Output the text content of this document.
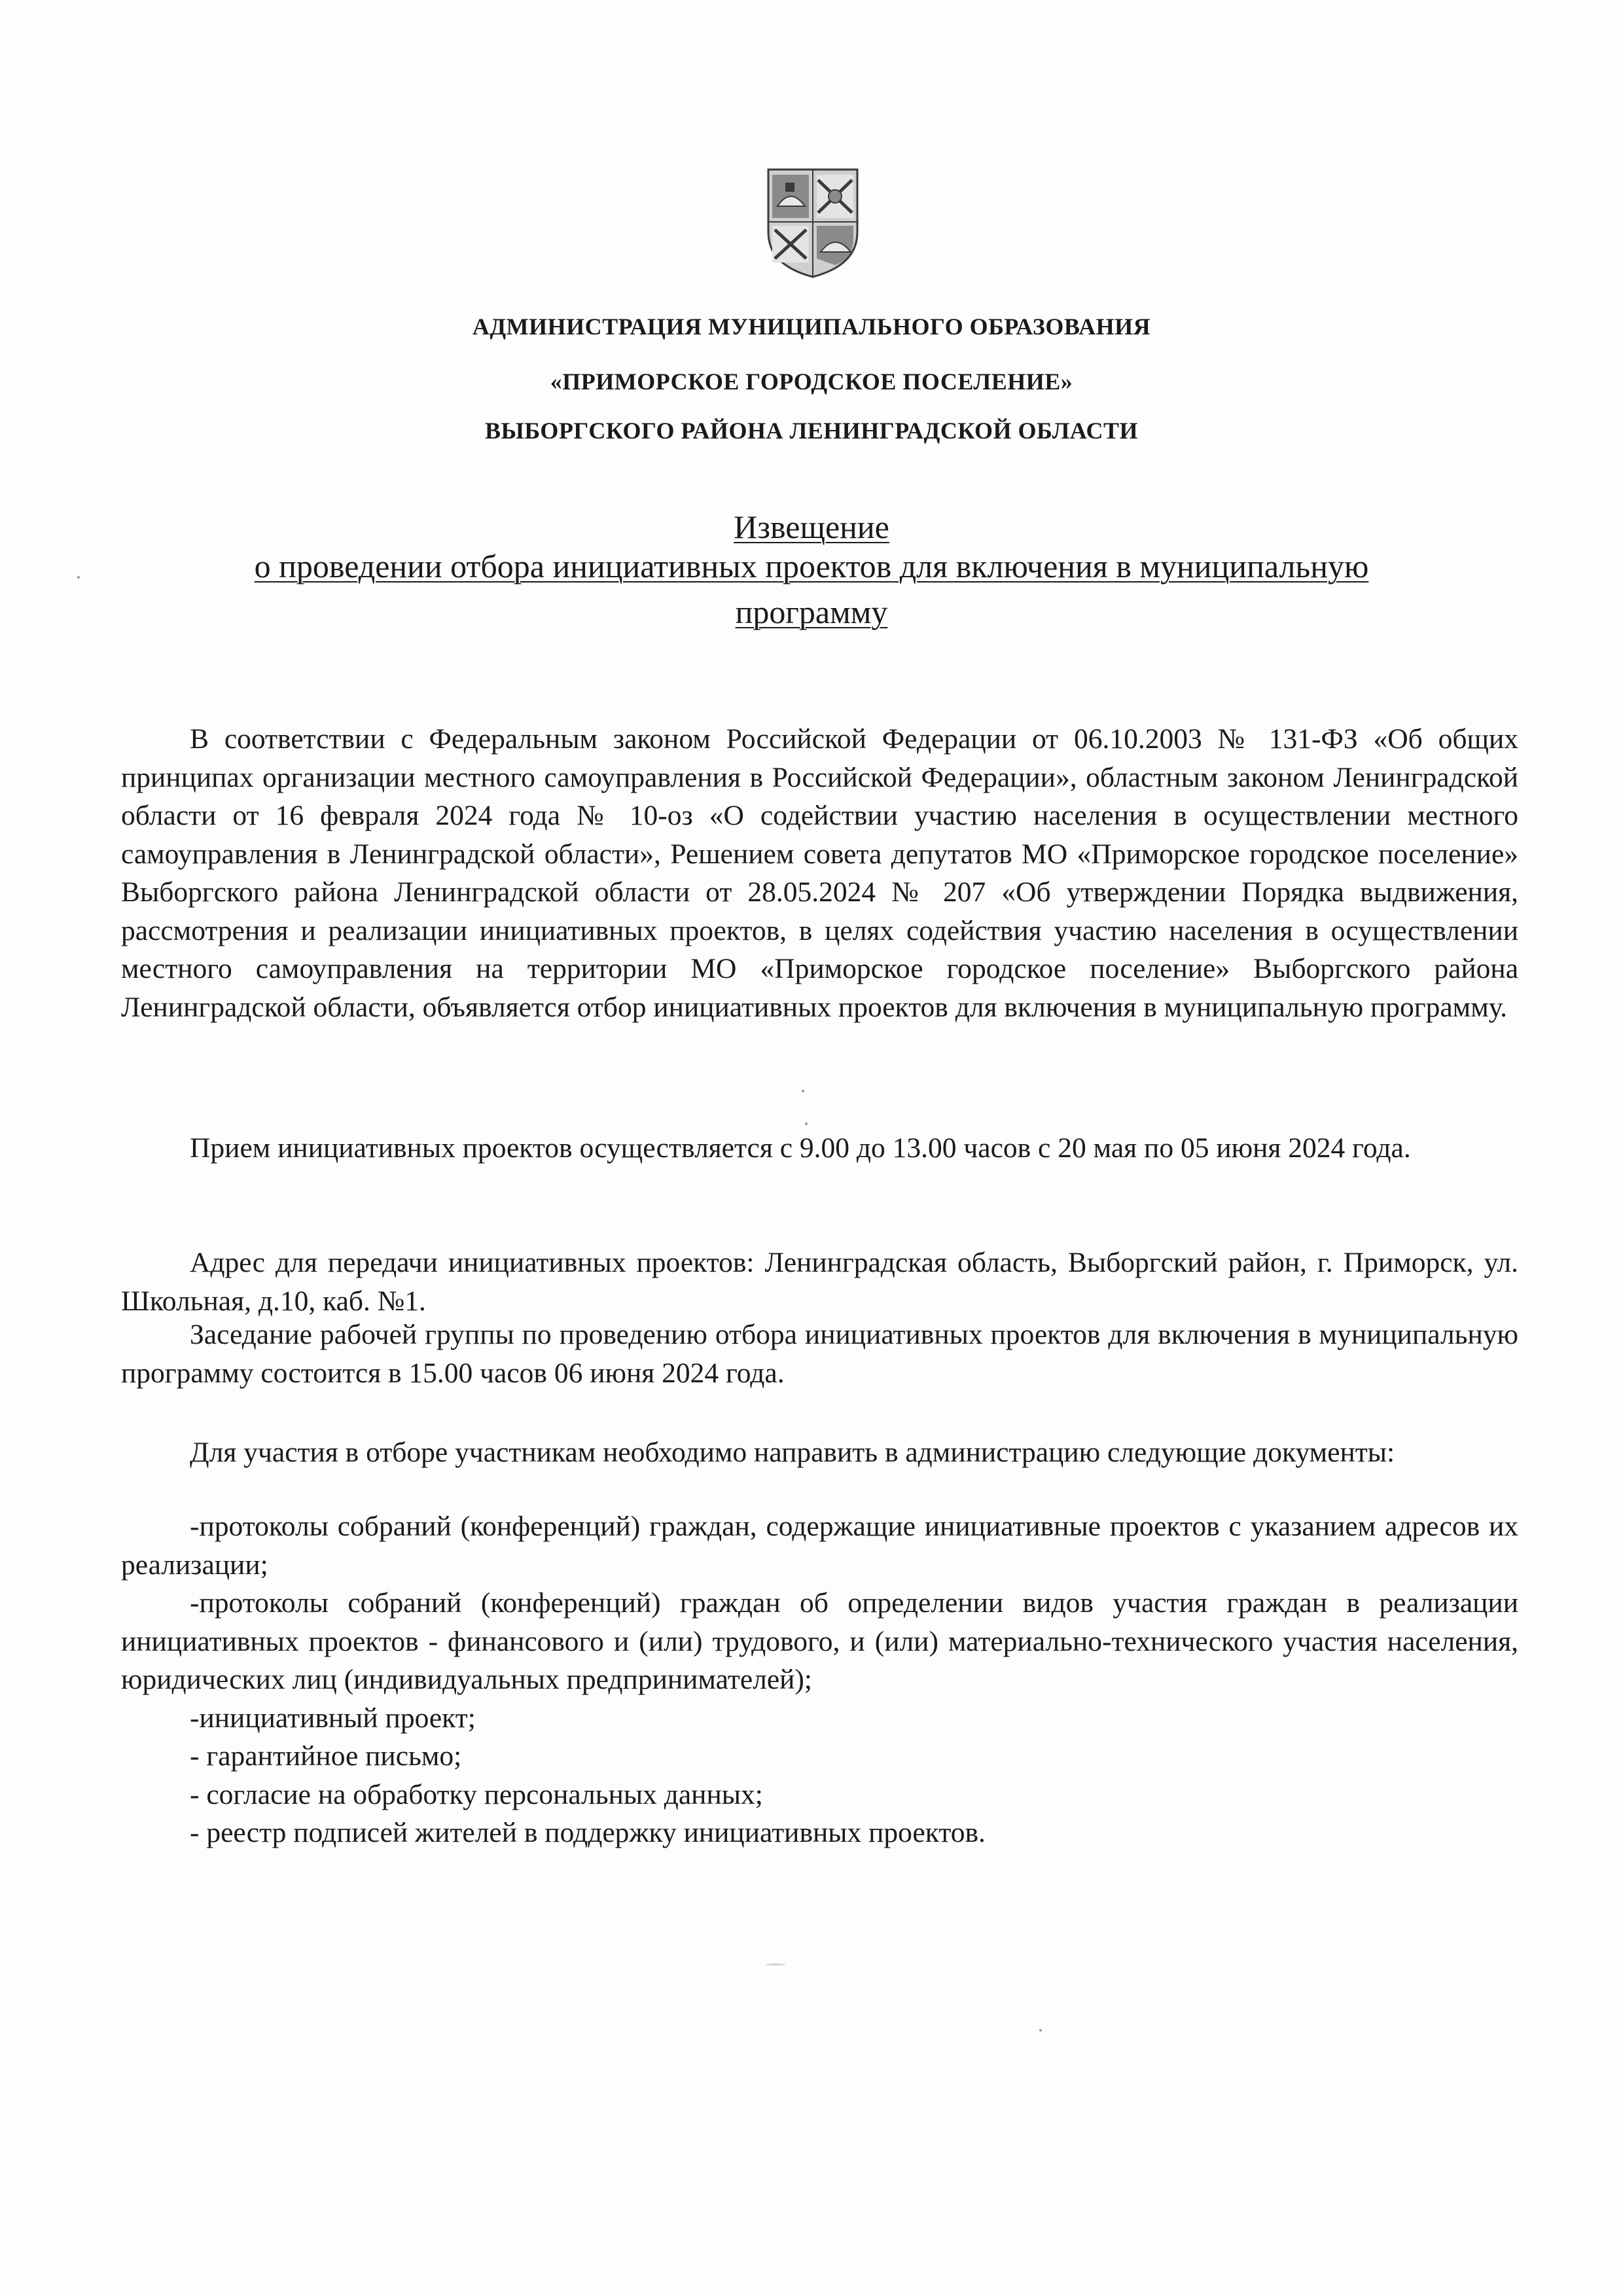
АДМИНИСТРАЦИЯ МУНИЦИПАЛЬНОГО ОБРАЗОВАНИЯ
«ПРИМОРСКОЕ ГОРОДСКОЕ ПОСЕЛЕНИЕ»
ВЫБОРГСКОГО РАЙОНА ЛЕНИНГРАДСКОЙ ОБЛАСТИ
Извещение
о проведении отбора инициативных проектов для включения в муниципальную
программу
В соответствии с Федеральным законом Российской Федерации от 06.10.2003 № 131-ФЗ «Об общих принципах организации местного самоуправления в Российской Федерации», областным законом Ленинградской области от 16 февраля 2024 года № 10-оз «О содействии участию населения в осуществлении местного самоуправления в Ленинградской области», Решением совета депутатов МО «Приморское городское поселение» Выборгского района Ленинградской области от 28.05.2024 № 207 «Об утверждении Порядка выдвижения, рассмотрения и реализации инициативных проектов, в целях содействия участию населения в осуществлении местного самоуправления на территории МО «Приморское городское поселение» Выборгского района Ленинградской области, объявляется отбор инициативных проектов для включения в муниципальную программу.
Прием инициативных проектов осуществляется с 9.00 до 13.00 часов с 20 мая по 05 июня 2024 года.
Адрес для передачи инициативных проектов: Ленинградская область, Выборгский район, г. Приморск, ул. Школьная, д.10, каб. №1.
Заседание рабочей группы по проведению отбора инициативных проектов для включения в муниципальную программу состоится в 15.00 часов 06 июня 2024 года.
Для участия в отборе участникам необходимо направить в администрацию следующие документы:
-протоколы собраний (конференций) граждан, содержащие инициативные проектов с указанием адресов их реализации;
-протоколы собраний (конференций) граждан об определении видов участия граждан в реализации инициативных проектов - финансового и (или) трудового, и (или) материально-технического участия населения, юридических лиц (индивидуальных предпринимателей);
-инициативный проект;
- гарантийное письмо;
- согласие на обработку персональных данных;
- реестр подписей жителей в поддержку инициативных проектов.
